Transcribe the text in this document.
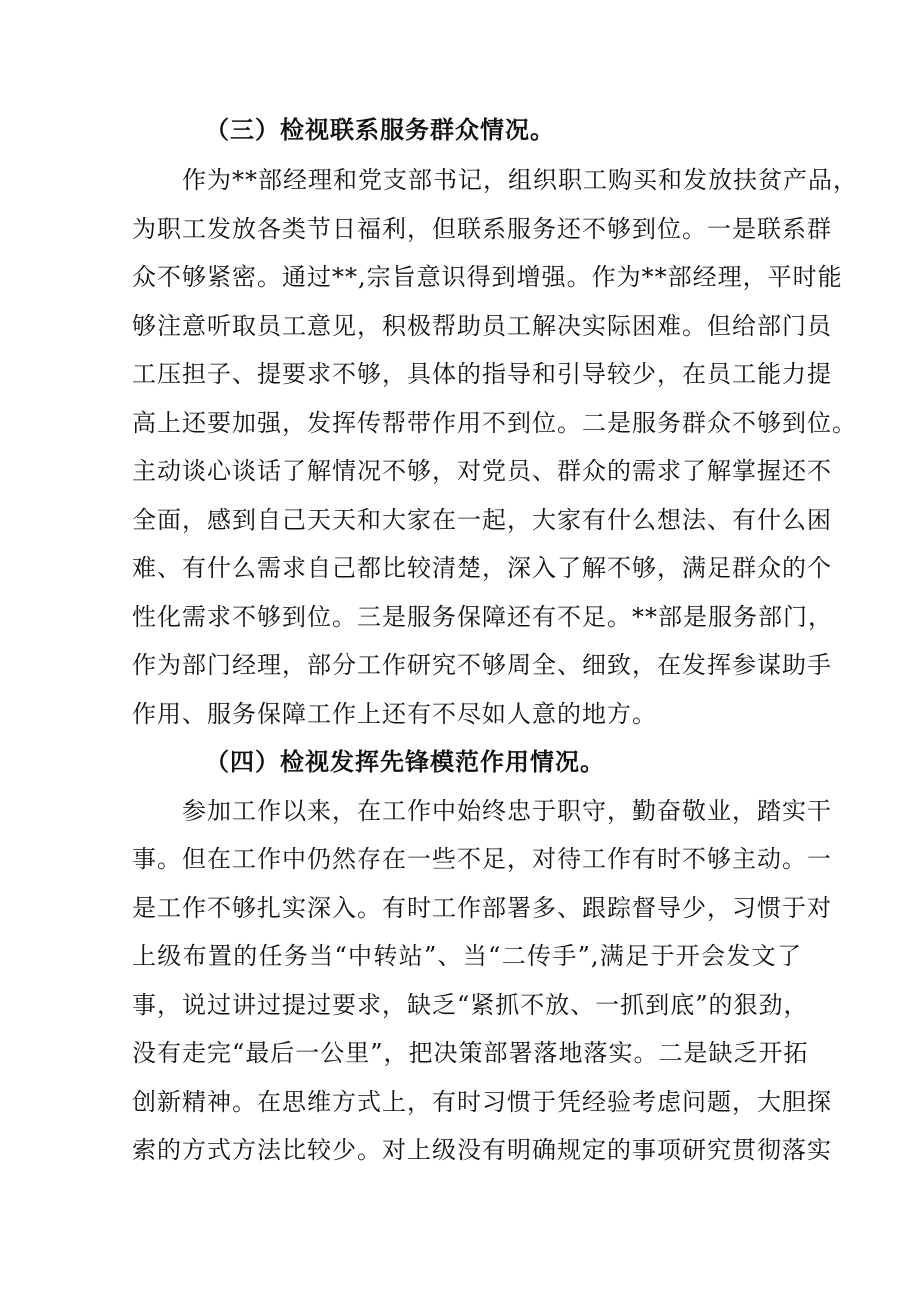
（三）检视联系服务群众情况。
作为**部经理和党支部书记，组织职工购买和发放扶贫产品，
为职工发放各类节日福利，但联系服务还不够到位。一是联系群
众不够紧密。通过**,宗旨意识得到增强。作为**部经理，平时能
够注意听取员工意见，积极帮助员工解决实际困难。但给部门员
工压担子、提要求不够，具体的指导和引导较少，在员工能力提
高上还要加强，发挥传帮带作用不到位。二是服务群众不够到位。
主动谈心谈话了解情况不够，对党员、群众的需求了解掌握还不
全面，感到自己天天和大家在一起，大家有什么想法、有什么困
难、有什么需求自己都比较清楚，深入了解不够，满足群众的个
性化需求不够到位。三是服务保障还有不足。**部是服务部门，
作为部门经理，部分工作研究不够周全、细致，在发挥参谋助手
作用、服务保障工作上还有不尽如人意的地方。
（四）检视发挥先锋模范作用情况。
参加工作以来，在工作中始终忠于职守，勤奋敬业，踏实干
事。但在工作中仍然存在一些不足，对待工作有时不够主动。一
是工作不够扎实深入。有时工作部署多、跟踪督导少，习惯于对
上级布置的任务当“中转站”、当“二传手”,满足于开会发文了
事，说过讲过提过要求，缺乏“紧抓不放、一抓到底”的狠劲，
没有走完“最后一公里”，把决策部署落地落实。二是缺乏开拓
创新精神。在思维方式上，有时习惯于凭经验考虑问题，大胆探
索的方式方法比较少。对上级没有明确规定的事项研究贯彻落实
